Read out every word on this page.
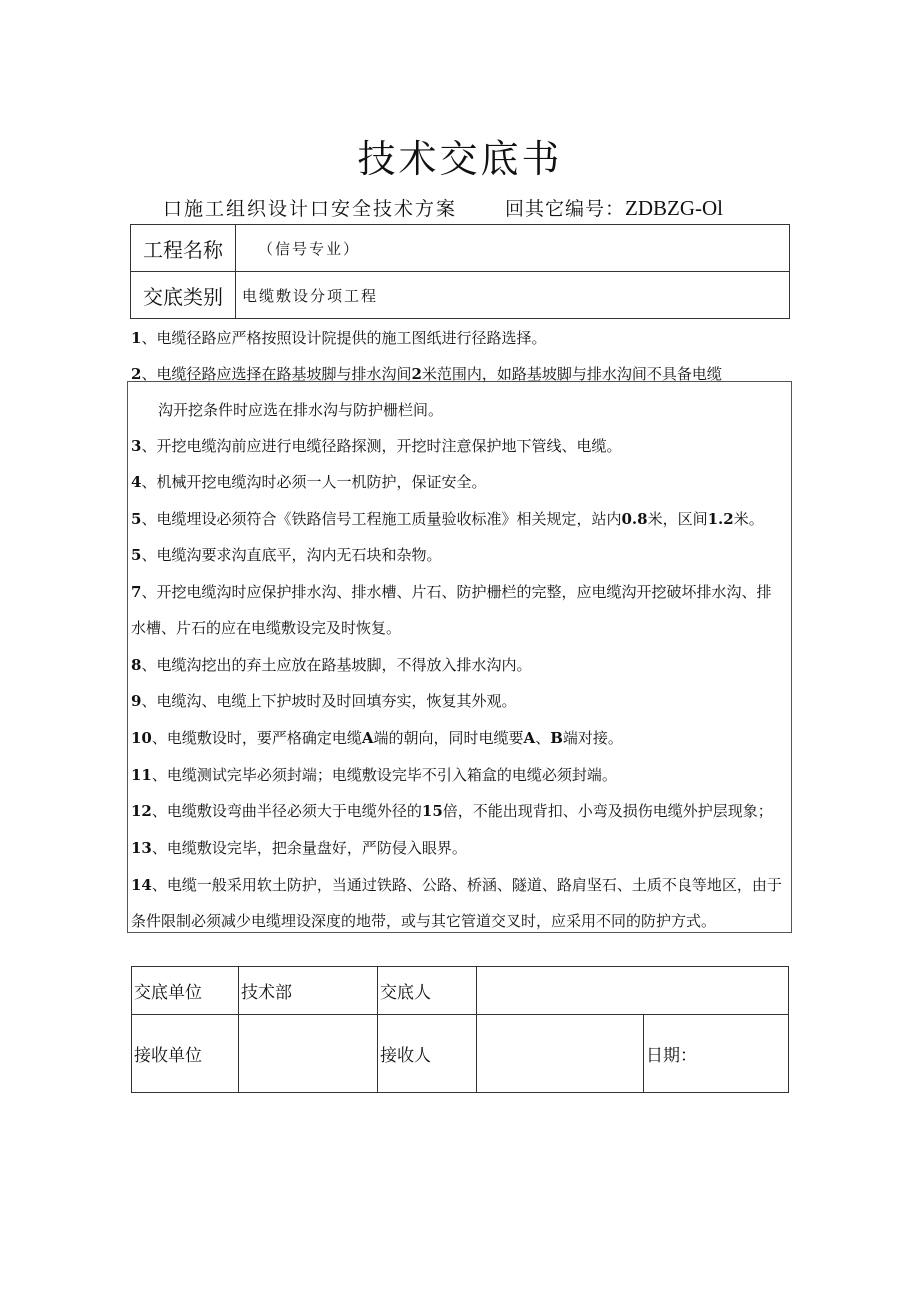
技术交底书
口施工组织设计口安全技术方案	回其它编号：ZDBZG-Ol
工程名称	（信号专业）
交底类别	电缆敷设分项工程
1、电缆径路应严格按照设计院提供的施工图纸进行径路选择。
2、电缆径路应选择在路基坡脚与排水沟间2米范围内，如路基坡脚与排水沟间不具备电缆
沟开挖条件时应选在排水沟与防护栅栏间。
3、开挖电缆沟前应进行电缆径路探测，开挖时注意保护地下管线、电缆。
4、机械开挖电缆沟时必须一人一机防护，保证安全。
5、电缆埋设必须符合《铁路信号工程施工质量验收标准》相关规定，站内0.8米，区间1.2米。
5、电缆沟要求沟直底平，沟内无石块和杂物。
7、开挖电缆沟时应保护排水沟、排水槽、片石、防护栅栏的完整，应电缆沟开挖破坏排水沟、排
水槽、片石的应在电缆敷设完及时恢复。
8、电缆沟挖出的弃土应放在路基坡脚，不得放入排水沟内。
9、电缆沟、电缆上下护坡时及时回填夯实，恢复其外观。
10、电缆敷设时，要严格确定电缆A端的朝向，同时电缆要A、B端对接。
11、电缆测试完毕必须封端；电缆敷设完毕不引入箱盒的电缆必须封端。
12、电缆敷设弯曲半径必须大于电缆外径的15倍，不能出现背扣、小弯及损伤电缆外护层现象；
13、电缆敷设完毕，把余量盘好，严防侵入眼界。
14、电缆一般采用软土防护，当通过铁路、公路、桥涵、隧道、路肩坚石、土质不良等地区，由于
条件限制必须减少电缆埋设深度的地带，或与其它管道交叉时，应采用不同的防护方式。
交底单位	技术部	交底人		
接收单位		接收人		日期：
